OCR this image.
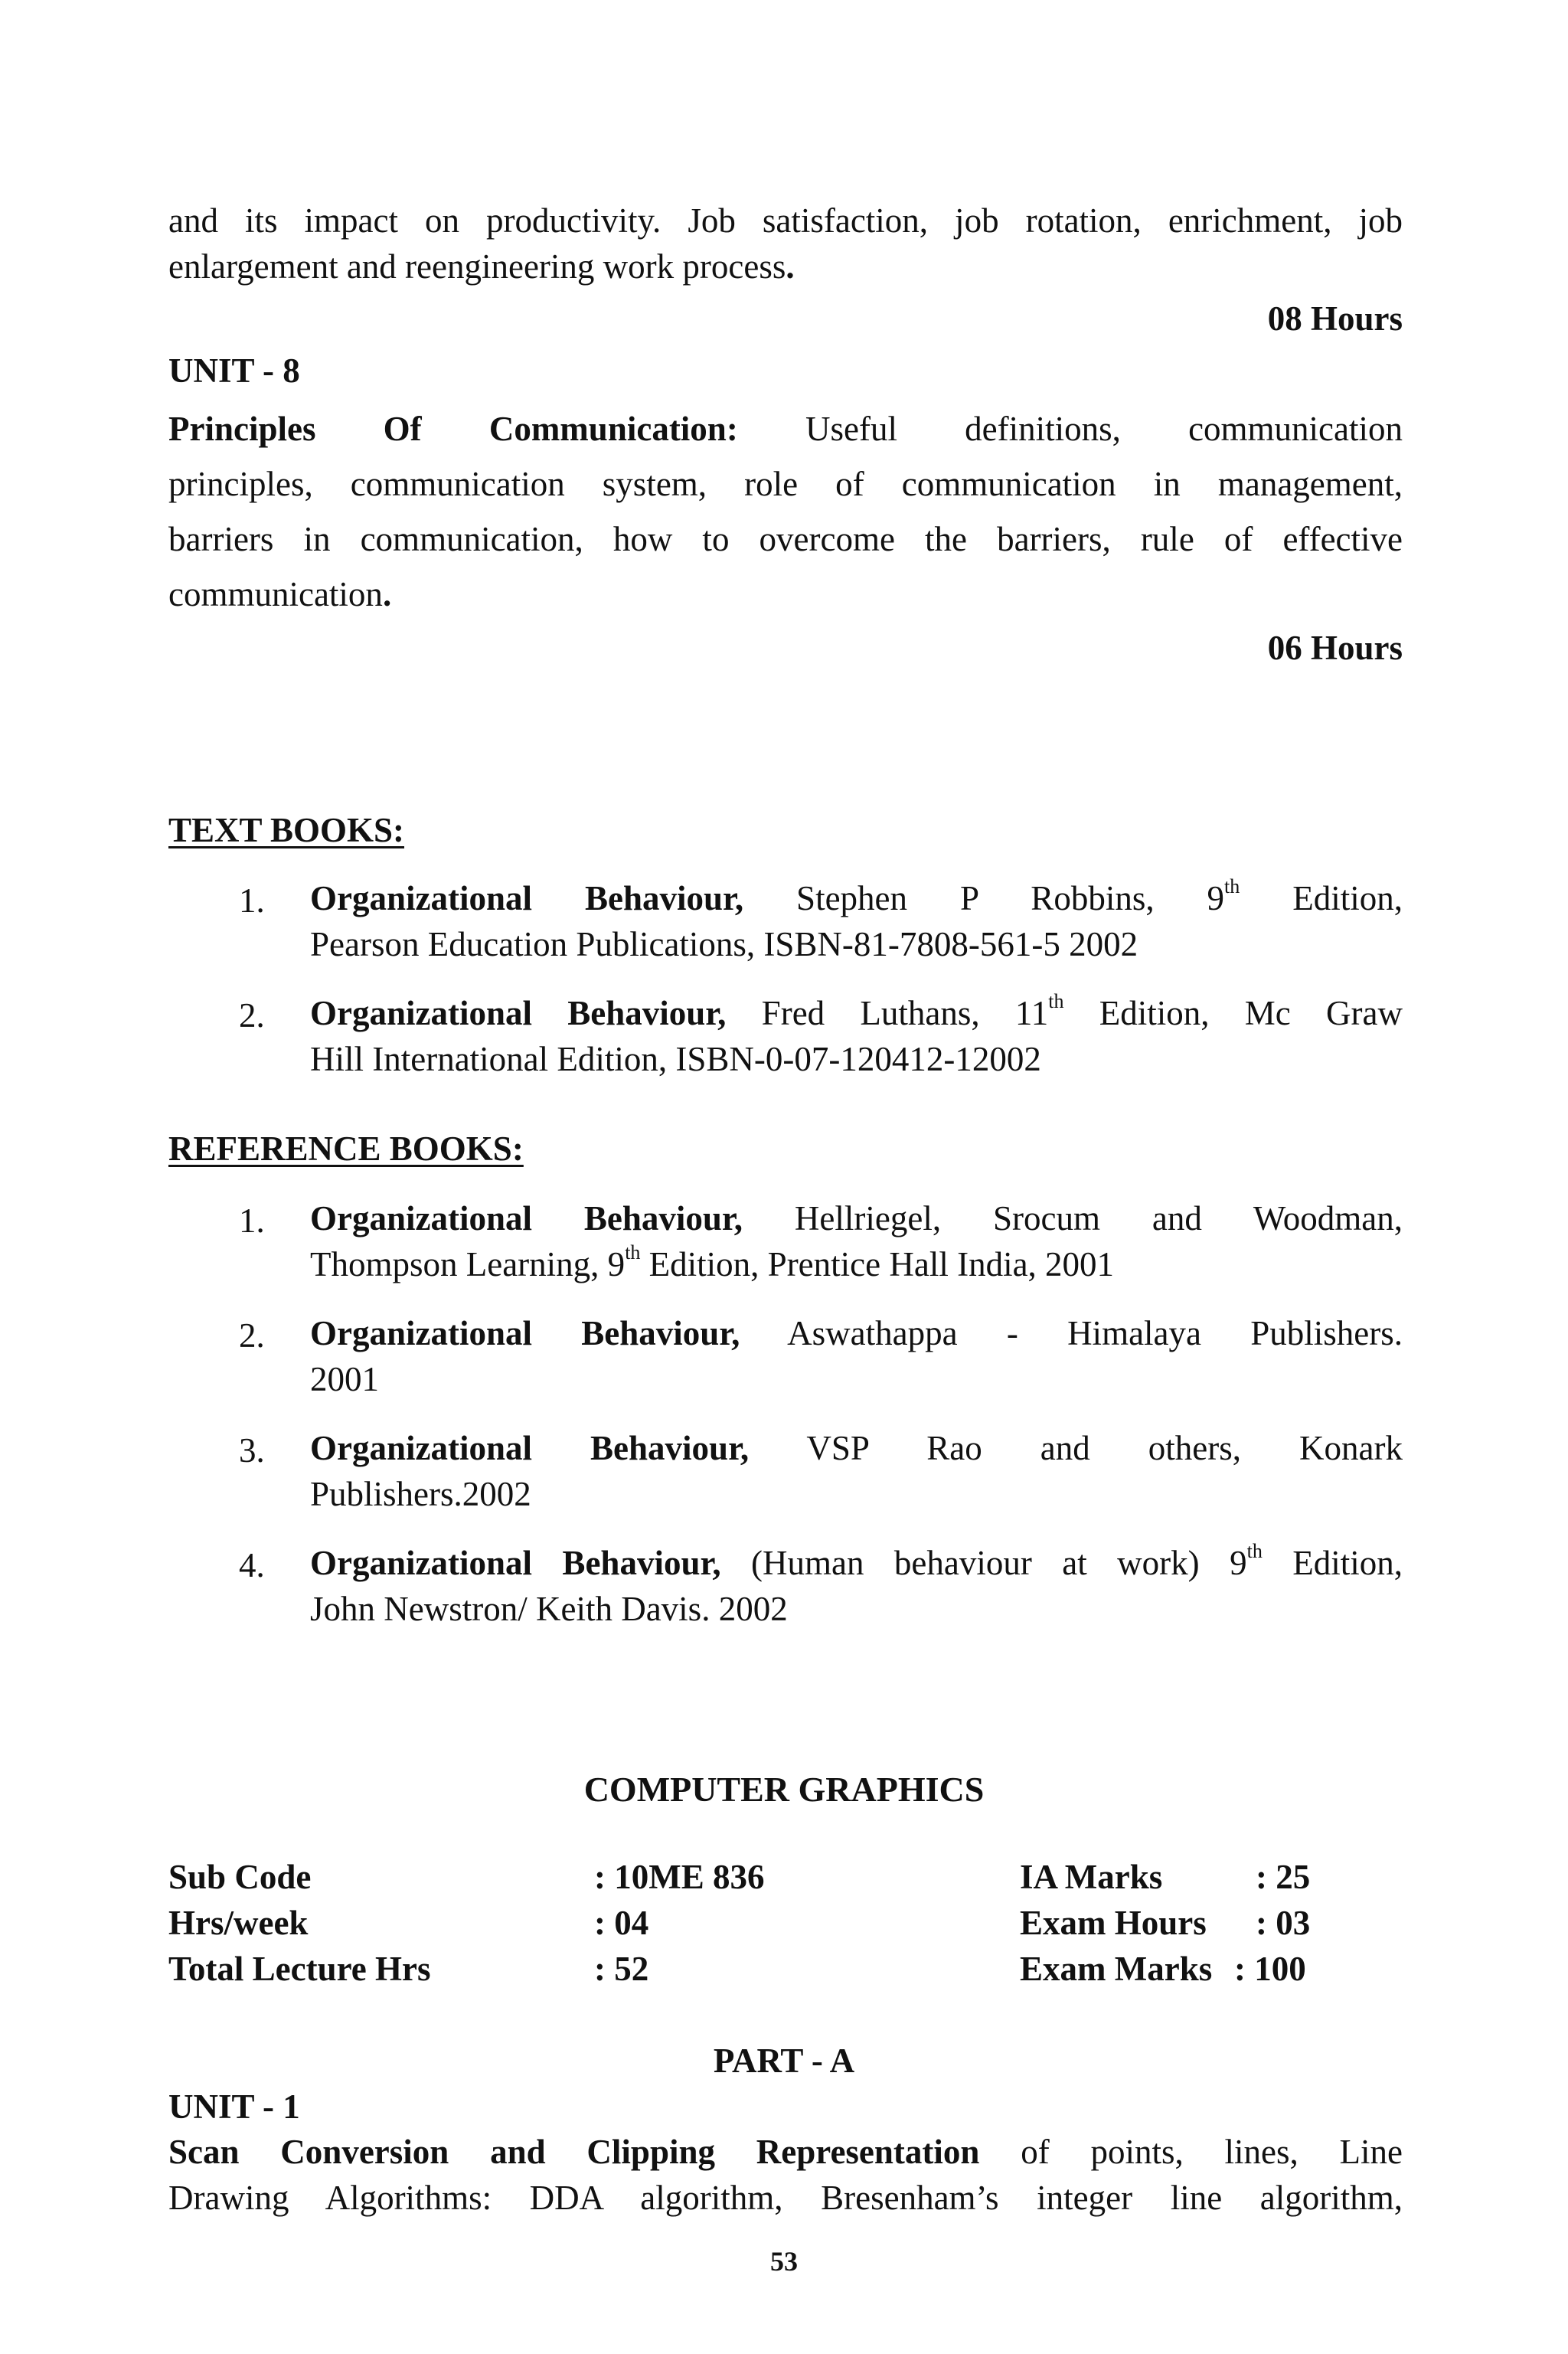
and its impact on productivity. Job satisfaction, job rotation, enrichment, job
enlargement and reengineering work process.
08 Hours
UNIT - 8
Principles Of Communication: Useful definitions, communication
principles, communication system, role of communication in management,
barriers in communication, how to overcome the barriers, rule of effective
communication.
06 Hours
TEXT BOOKS:
1. Organizational Behaviour, Stephen P Robbins, 9th Edition,
Pearson Education Publications, ISBN-81-7808-561-5 2002
2. Organizational Behaviour, Fred Luthans, 11th Edition, Mc Graw
Hill International Edition, ISBN-0-07-120412-12002
REFERENCE BOOKS:
1. Organizational Behaviour, Hellriegel, Srocum and Woodman,
Thompson Learning, 9th Edition, Prentice Hall India, 2001
2. Organizational Behaviour, Aswathappa - Himalaya Publishers.
2001
3. Organizational Behaviour, VSP Rao and others, Konark
Publishers.2002
4. Organizational Behaviour, (Human behaviour at work) 9th Edition,
John Newstron/ Keith Davis. 2002
COMPUTER GRAPHICS
Sub Code	: 10ME 836	IA Marks	: 25
Hrs/week	: 04	Exam Hours : 03
Total Lecture Hrs	: 52	Exam Marks : 100
PART - A
UNIT - 1
Scan Conversion and Clipping Representation of points, lines, Line
Drawing Algorithms: DDA algorithm, Bresenham’s integer line algorithm,
53
